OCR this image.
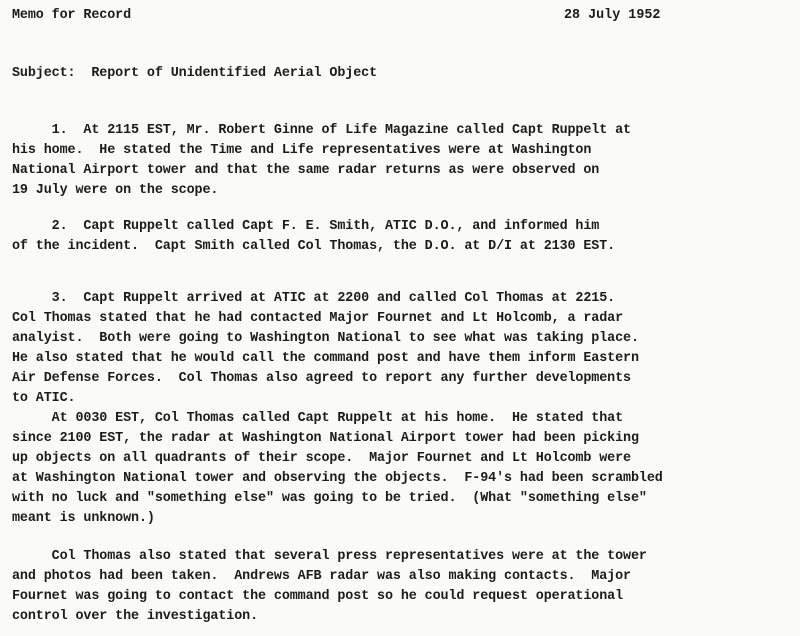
Memo for Record	28 July 1952
Subject:  Report of Unidentified Aerial Object
1.  At 2115 EST, Mr. Robert Ginne of Life Magazine called Capt Ruppelt at
his home.  He stated the Time and Life representatives were at Washington
National Airport tower and that the same radar returns as were observed on
19 July were on the scope.
2.  Capt Ruppelt called Capt F. E. Smith, ATIC D.O., and informed him
of the incident.  Capt Smith called Col Thomas, the D.O. at D/I at 2130 EST.
3.  Capt Ruppelt arrived at ATIC at 2200 and called Col Thomas at 2215.
Col Thomas stated that he had contacted Major Fournet and Lt Holcomb, a radar
analyist.  Both were going to Washington National to see what was taking place.
He also stated that he would call the command post and have them inform Eastern
Air Defense Forces.  Col Thomas also agreed to report any further developments
to ATIC.
At 0030 EST, Col Thomas called Capt Ruppelt at his home.  He stated that
since 2100 EST, the radar at Washington National Airport tower had been picking
up objects on all quadrants of their scope.  Major Fournet and Lt Holcomb were
at Washington National tower and observing the objects.  F-94's had been scrambled
with no luck and "something else" was going to be tried.  (What "something else"
meant is unknown.)
Col Thomas also stated that several press representatives were at the tower
and photos had been taken.  Andrews AFB radar was also making contacts.  Major
Fournet was going to contact the command post so he could request operational
control over the investigation.
